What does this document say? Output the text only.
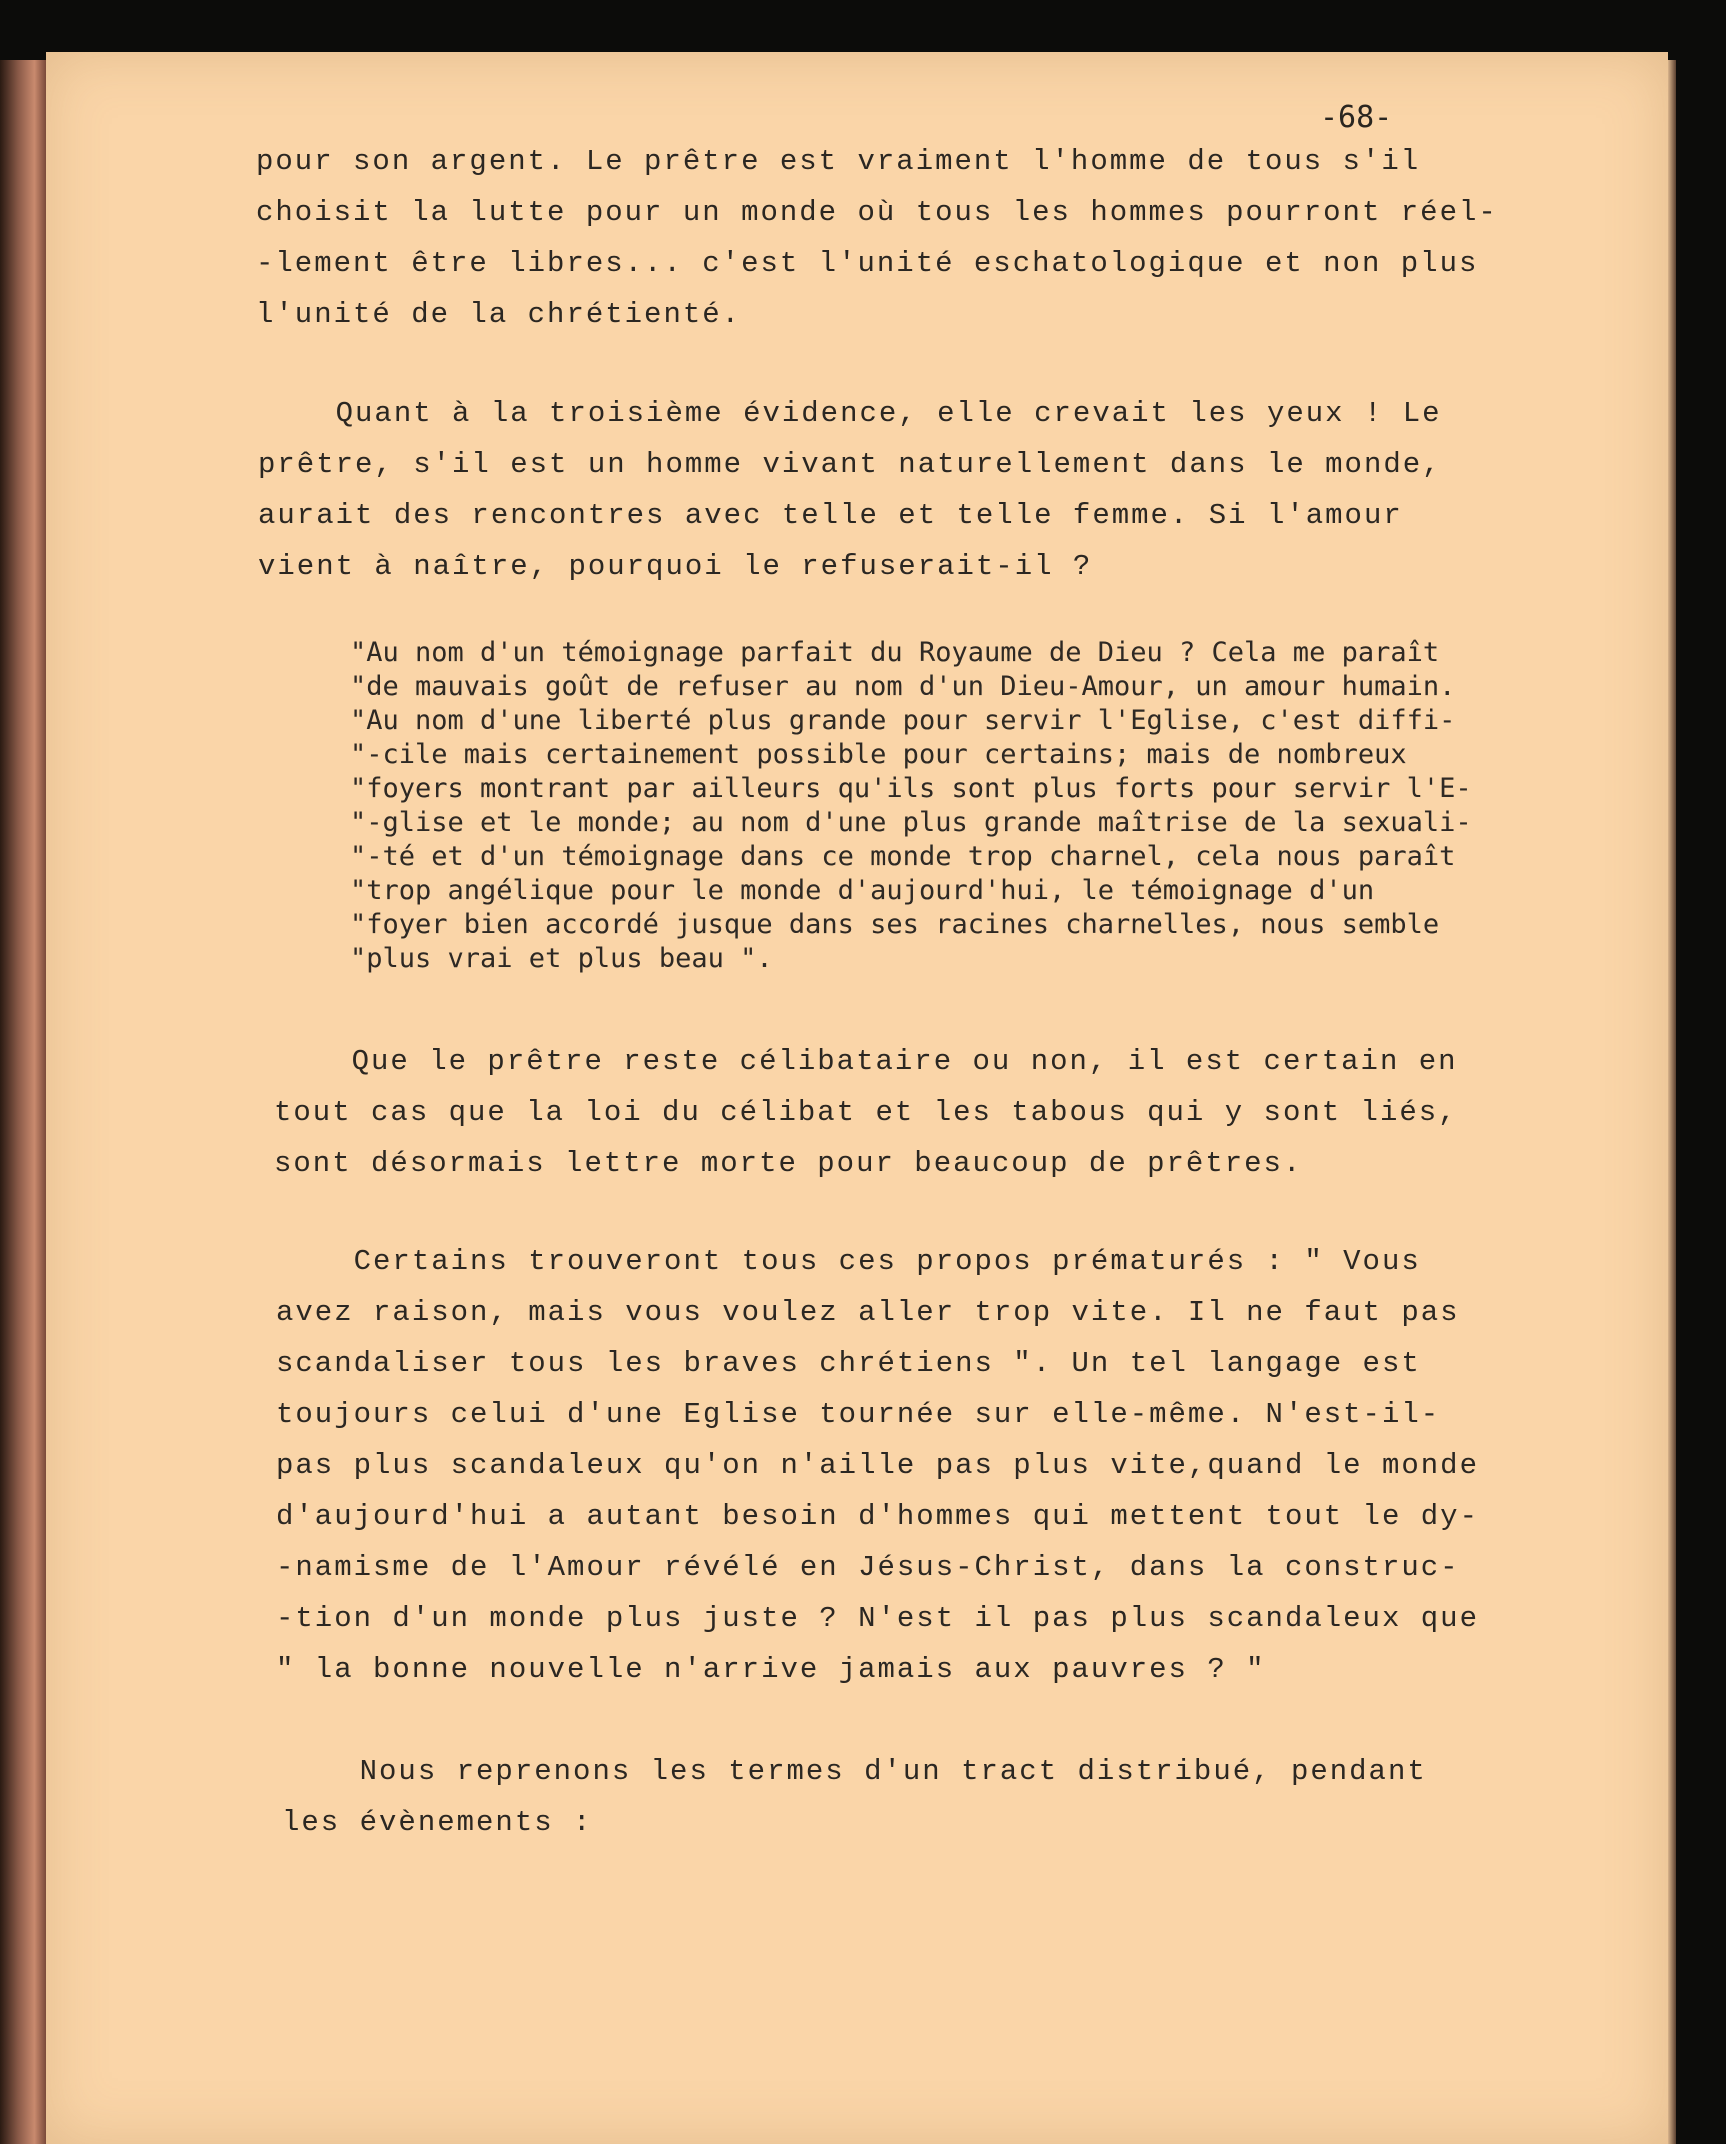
-68-
pour son argent. Le prêtre est vraiment l'homme de tous s'il
choisit la lutte pour un monde où tous les hommes pourront réel-
-lement être libres... c'est l'unité eschatologique et non plus
l'unité de la chrétienté.
Quant à la troisième évidence, elle crevait les yeux ! Le
prêtre, s'il est un homme vivant naturellement dans le monde,
aurait des rencontres avec telle et telle femme. Si l'amour
vient à naître, pourquoi le refuserait-il ?
"Au nom d'un témoignage parfait du Royaume de Dieu ? Cela me paraît
"de mauvais goût de refuser au nom d'un Dieu-Amour, un amour humain.
"Au nom d'une liberté plus grande pour servir l'Eglise, c'est diffi-
"-cile mais certainement possible pour certains; mais de nombreux
"foyers montrant par ailleurs qu'ils sont plus forts pour servir l'E-
"-glise et le monde; au nom d'une plus grande maîtrise de la sexuali-
"-té et d'un témoignage dans ce monde trop charnel, cela nous paraît
"trop angélique pour le monde d'aujourd'hui, le témoignage d'un
"foyer bien accordé jusque dans ses racines charnelles, nous semble
"plus vrai et plus beau ".
Que le prêtre reste célibataire ou non, il est certain en
tout cas que la loi du célibat et les tabous qui y sont liés,
sont désormais lettre morte pour beaucoup de prêtres.
Certains trouveront tous ces propos prématurés : " Vous
avez raison, mais vous voulez aller trop vite. Il ne faut pas
scandaliser tous les braves chrétiens ". Un tel langage est
toujours celui d'une Eglise tournée sur elle-même. N'est-il-
pas plus scandaleux qu'on n'aille pas plus vite,quand le monde
d'aujourd'hui a autant besoin d'hommes qui mettent tout le dy-
-namisme de l'Amour révélé en Jésus-Christ, dans la construc-
-tion d'un monde plus juste ? N'est il pas plus scandaleux que
" la bonne nouvelle n'arrive jamais aux pauvres ? "
Nous reprenons les termes d'un tract distribué, pendant
les évènements :
